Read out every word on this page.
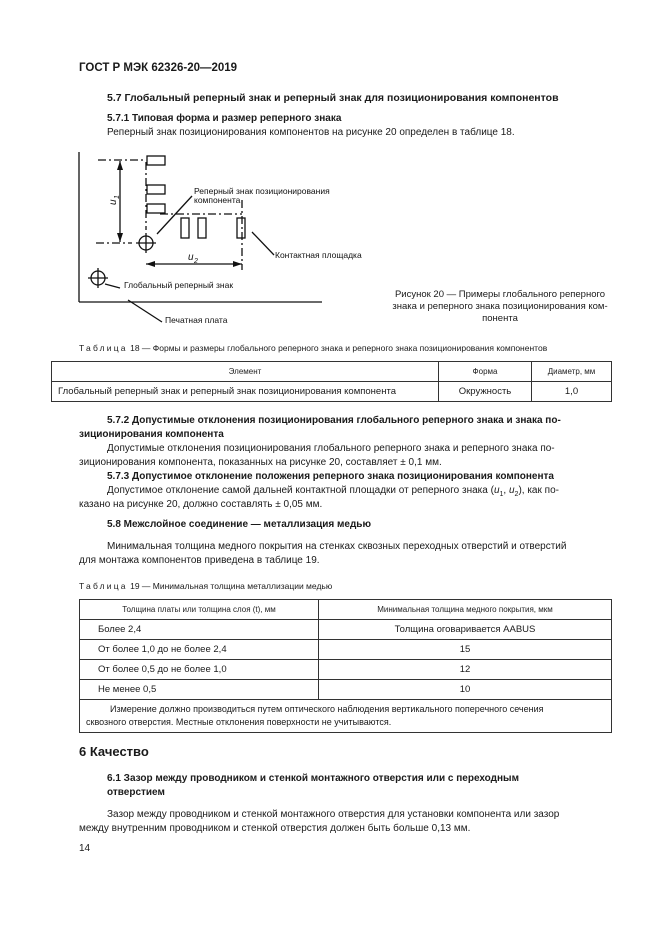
ГОСТ Р МЭК 62326-20—2019
5.7 Глобальный реперный знак и реперный знак для позиционирования компонентов
5.7.1 Типовая форма и размер реперного знака
Реперный знак позиционирования компонентов на рисунке 20 определен в таблице 18.
Реперный знак позиционирования
компонента
Контактная площадка
Глобальный реперный знак
Печатная плата
u
1
u 2
Рисунок 20 — Примеры глобального реперного
знака и реперного знака позиционирования ком-
понента
Таблица 18 — Формы и размеры глобального реперного знака и реперного знака позиционирования компонентов
Элемент	Форма	Диаметр, мм
Глобальный реперный знак и реперный знак позиционирования компонента	Окружность	1,0
5.7.2 Допустимые отклонения позиционирования глобального реперного знака и знака по-
зиционирования компонента
Допустимые отклонения позиционирования глобального реперного знака и реперного знака по-
зиционирования компонента, показанных на рисунке 20, составляет ± 0,1 мм.
5.7.3 Допустимое отклонение положения реперного знака позиционирования компонента
Допустимое отклонение самой дальней контактной площадки от реперного знака ($u_1$, $u_2$), как по-
казано на рисунке 20, должно составлять ± 0,05 мм.
5.8 Межслойное соединение — металлизация медью
Минимальная толщина медного покрытия на стенках сквозных переходных отверстий и отверстий
для монтажа компонентов приведена в таблице 19.
Таблица 19 — Минимальная толщина металлизации медью
Толщина платы или толщина слоя (t), мм	Минимальная толщина медного покрытия, мкм
Более 2,4	Толщина оговаривается AABUS
От более 1,0 до не более 2,4	15
От более 0,5 до не более 1,0	12
Не менее 0,5	10

Измерение должно производиться путем оптического наблюдения вертикального поперечного сечения
сквозного отверстия. Местные отклонения поверхности не учитываются.	
6 Качество
6.1 Зазор между проводником и стенкой монтажного отверстия или с переходным
отверстием
Зазор между проводником и стенкой монтажного отверстия для установки компонента или зазор
между внутренним проводником и стенкой отверстия должен быть больше 0,13 мм.
14
